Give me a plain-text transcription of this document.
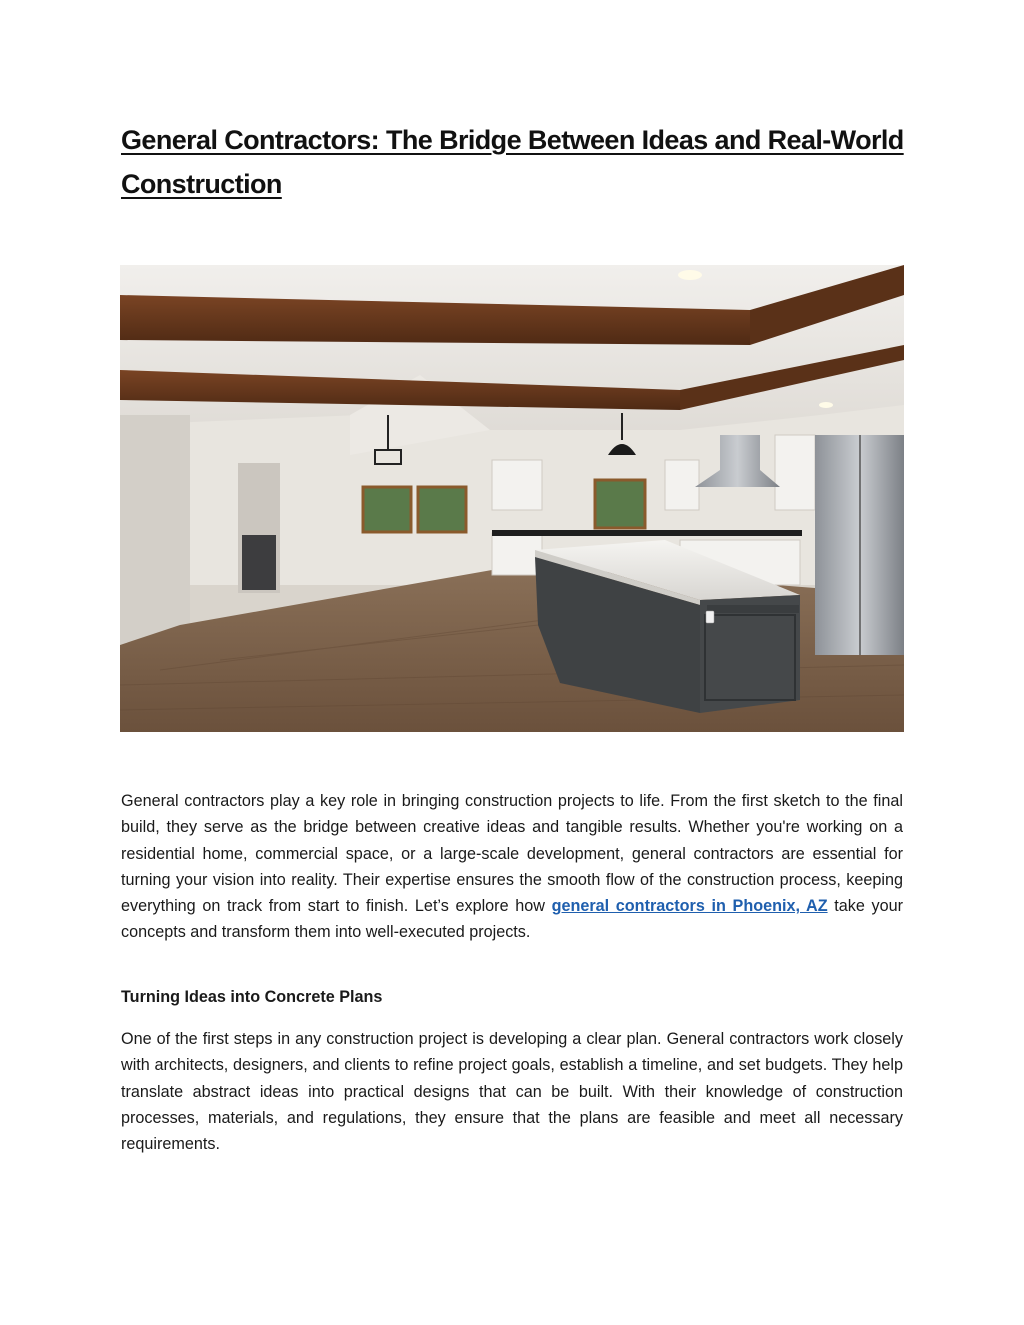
General Contractors: The Bridge Between Ideas and Real-World Construction

General contractors play a key role in bringing construction projects to life. From the first sketch to the final build, they serve as the bridge between creative ideas and tangible results. Whether you're working on a residential home, commercial space, or a large-scale development, general contractors are essential for turning your vision into reality. Their expertise ensures the smooth flow of the construction process, keeping everything on track from start to finish. Let’s explore how general contractors in Phoenix, AZ take your concepts and transform them into well-executed projects.

Turning Ideas into Concrete Plans

One of the first steps in any construction project is developing a clear plan. General contractors work closely with architects, designers, and clients to refine project goals, establish a timeline, and set budgets. They help translate abstract ideas into practical designs that can be built. With their knowledge of construction processes, materials, and regulations, they ensure that the plans are feasible and meet all necessary requirements.
